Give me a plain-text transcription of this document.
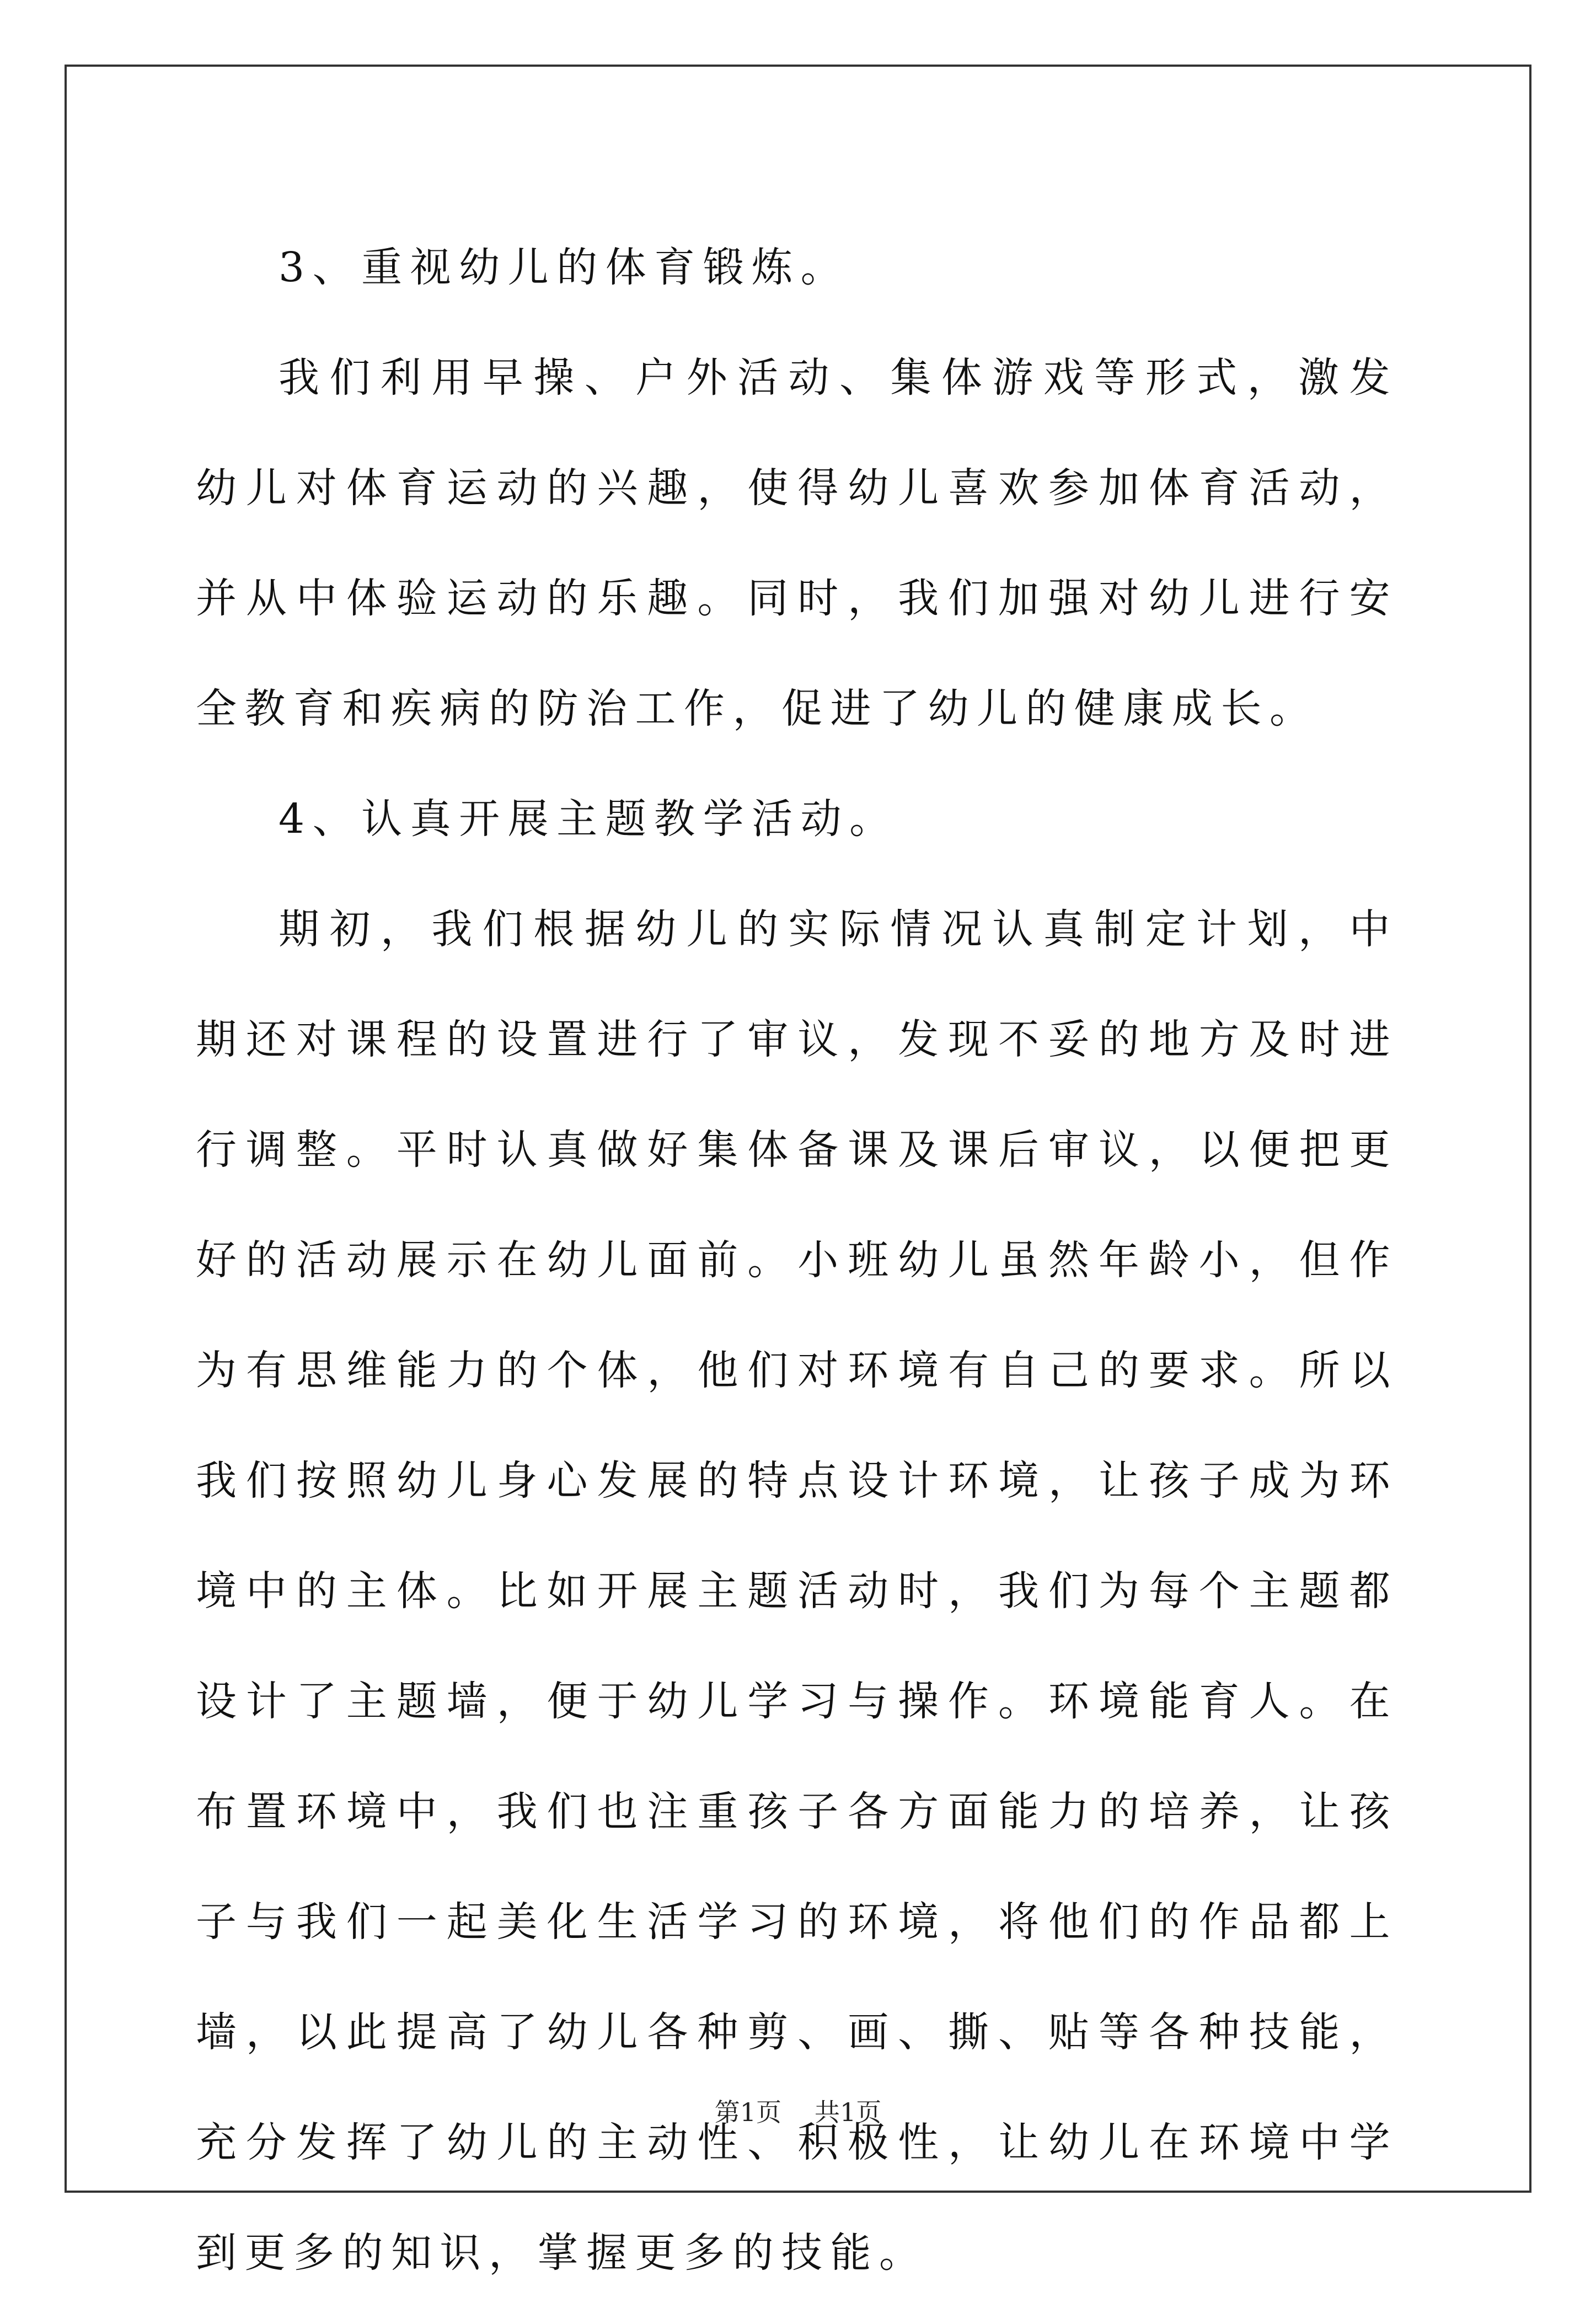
3、重视幼儿的体育锻炼。

我们利用早操、户外活动、集体游戏等形式，激发幼儿对体育运动的兴趣，使得幼儿喜欢参加体育活动，并从中体验运动的乐趣。同时，我们加强对幼儿进行安全教育和疾病的防治工作，促进了幼儿的健康成长。

4、认真开展主题教学活动。

期初，我们根据幼儿的实际情况认真制定计划，中期还对课程的设置进行了审议，发现不妥的地方及时进行调整。平时认真做好集体备课及课后审议，以便把更好的活动展示在幼儿面前。小班幼儿虽然年龄小，但作为有思维能力的个体，他们对环境有自己的要求。所以我们按照幼儿身心发展的特点设计环境，让孩子成为环境中的主体。比如开展主题活动时，我们为每个主题都设计了主题墙，便于幼儿学习与操作。环境能育人。在布置环境中，我们也注重孩子各方面能力的培养，让孩子与我们一起美化生活学习的环境，将他们的作品都上墙，以此提高了幼儿各种剪、画、撕、贴等各种技能，充分发挥了幼儿的主动性、积极性，让幼儿在环境中学到更多的知识，掌握更多的技能。

第1页 共1页
